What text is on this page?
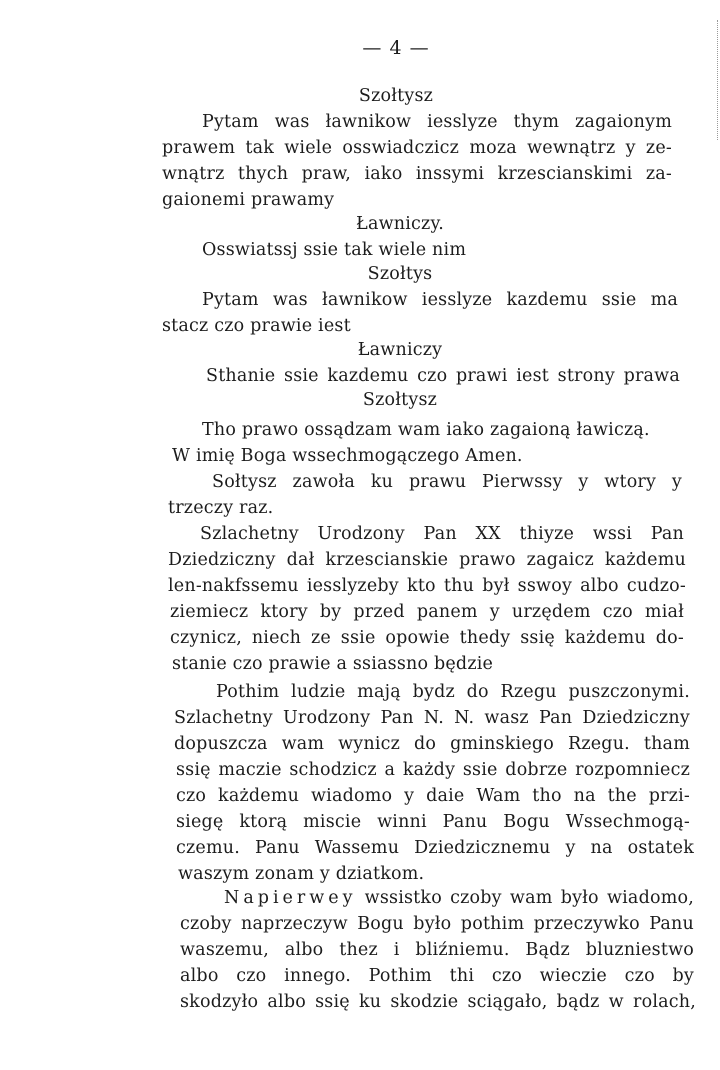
— 4 —
Szołtysz
Pytam was ławnikow iesslyze thym zagaionym
prawem tak wiele osswiadczicz moza wewnątrz y ze-
wnątrz thych praw, iako inssymi krzescianskimi za-
gaionemi prawamy
Ławniczy.
Osswiatssj ssie tak wiele nim
Szołtys
Pytam was ławnikow iesslyze kazdemu ssie ma
stacz czo prawie iest
Ławniczy
Sthanie ssie kazdemu czo prawi iest strony prawa
Szołtysz
Tho prawo ossądzam wam iako zagaioną ławiczą.
W imię Boga wssechmogączego Amen.
Sołtysz zawoła ku prawu Pierwssy y wtory y
trzeczy raz.
Szlachetny Urodzony Pan XX thiyze wssi Pan
Dziedziczny dał krzescianskie prawo zagaicz każdemu
len-nakfssemu iesslyzeby kto thu był sswoy albo cudzo-
ziemiecz ktory by przed panem y urzędem czo miał
czynicz, niech ze ssie opowie thedy ssię każdemu do-
stanie czo prawie a ssiassno będzie
Pothim ludzie mają bydz do Rzegu puszczonymi.
Szlachetny Urodzony Pan N. N. wasz Pan Dziedziczny
dopuszcza wam wynicz do gminskiego Rzegu. tham
ssię maczie schodzicz a każdy ssie dobrze rozpomniecz
czo każdemu wiadomo y daie Wam tho na the przi-
siegę ktorą miscie winni Panu Bogu Wssechmogą-
czemu. Panu Wassemu Dziedzicznemu y na ostatek
waszym zonam y dziatkom.
Napierwey wssistko czoby wam było wiadomo,
czoby naprzeczyw Bogu było pothim przeczywko Panu
waszemu, albo thez i bliźniemu. Bądz bluzniestwo
albo czo innego. Pothim thi czo wieczie czo by
skodzyło albo ssię ku skodzie sciągało, bądz w rolach,
